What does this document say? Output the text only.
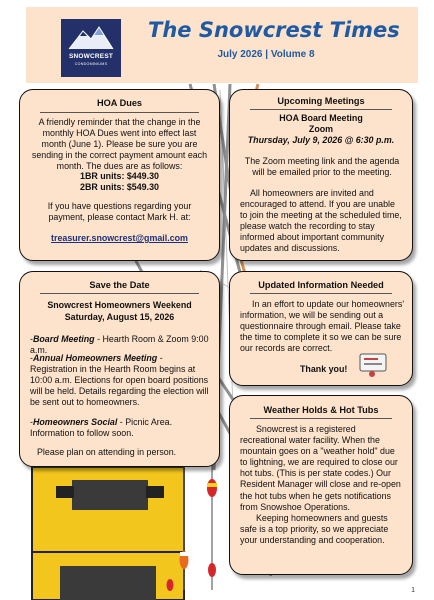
SNOWCREST
CONDOMINIUMS
The Snowcrest Times
July 2026 | Volume 8
HOA Dues
A friendly reminder that the change in the monthly HOA Dues went into effect last month (June 1). Please be sure you are sending in the correct payment amount each month. The dues are as follows:
1BR units: $449.30
2BR units: $549.30
If you have questions regarding your payment, please contact Mark H. at:
treasurer.snowcrest@gmail.com
Upcoming Meetings
HOA Board Meeting
Zoom
Thursday, July 9, 2026 @ 6:30 p.m.
The Zoom meeting link and the agenda will be emailed prior to the meeting.
All homeowners are invited and encouraged to attend. If you are unable to join the meeting at the scheduled time, please watch the recording to stay informed about important community updates and discussions.
Save the Date
Snowcrest Homeowners Weekend
Saturday, August 15, 2026
-Board Meeting - Hearth Room & Zoom 9:00 a.m.
-Annual Homeowners Meeting - Registration in the Hearth Room begins at 10:00 a.m. Elections for open board positions will be held. Details regarding the election will be sent out to homeowners.
-Homeowners Social - Picnic Area. Information to follow soon.
Please plan on attending in person.
Updated Information Needed
In an effort to update our homeowners' information, we will be sending out a questionnaire through email. Please take the time to complete it so we can be sure our records are correct.
Thank you!
Weather Holds & Hot Tubs
Snowcrest is a registered recreational water facility. When the mountain goes on a "weather hold" due to lightning, we are required to close our hot tubs. (This is per state codes.) Our Resident Manager will close and re-open the hot tubs when he gets notifications from Snowshoe Operations.
Keeping homeowners and guests safe is a top priority, so we appreciate your understanding and cooperation.
1
